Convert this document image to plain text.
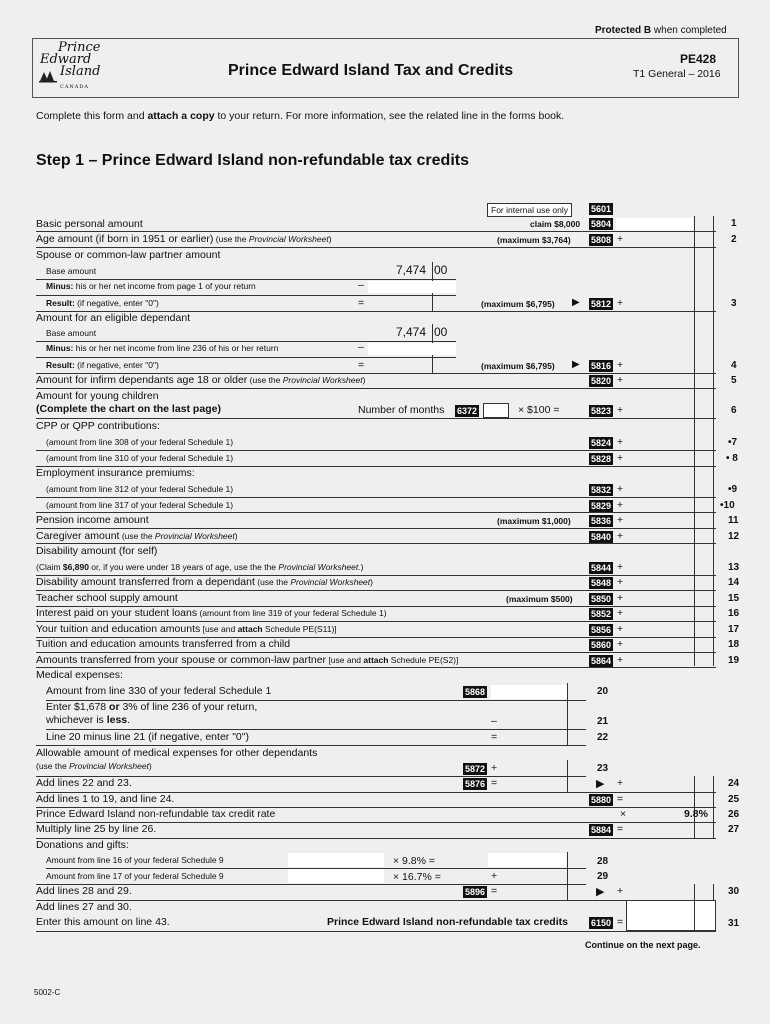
Protected B when completed
Prince
Edward
Island
CANADA
Prince Edward Island Tax and Credits
PE428
T1 General – 2016
Complete this form and attach a copy to your return. For more information, see the related line in the forms book.
Step 1 – Prince Edward Island non-refundable tax credits
For internal use only	5601
Basic personal amount	claim $8,000 5804	1
Age amount (if born in 1951 or earlier) (use the Provincial Worksheet)	(maximum $3,764) 5808 +	2
Spouse or common-law partner amount
Base amount	7,474 00
Minus: his or her net income from page 1 of your return	–
Result: (if negative, enter "0")	=	(maximum $6,795) ▶ 5812 +	3
Amount for an eligible dependant
Base amount	7,474 00
Minus: his or her net income from line 236 of his or her return	–
Result: (if negative, enter "0")	=	(maximum $6,795) ▶ 5816 +	4
Amount for infirm dependants age 18 or older (use the Provincial Worksheet)	5820 +	5
Amount for young children
(Complete the chart on the last page)	Number of months 6372	× $100 =	5823 +	6
CPP or QPP contributions:
(amount from line 308 of your federal Schedule 1)	5824 +	•7
(amount from line 310 of your federal Schedule 1)	5828 +	• 8
Employment insurance premiums:
(amount from line 312 of your federal Schedule 1)	5832 +	•9
(amount from line 317 of your federal Schedule 1)	5829 +	•10
Pension income amount	(maximum $1,000) 5836 +	11
Caregiver amount (use the Provincial Worksheet)	5840 +	12
Disability amount (for self)
(Claim $6,890 or, if you were under 18 years of age, use the the Provincial Worksheet.)	5844 +	13
Disability amount transferred from a dependant (use the Provincial Worksheet)	5848 +	14
Teacher school supply amount	(maximum $500) 5850 +	15
Interest paid on your student loans (amount from line 319 of your federal Schedule 1)	5852 +	16
Your tuition and education amounts [use and attach Schedule PE(S11)]	5856 +	17
Tuition and education amounts transferred from a child	5860 +	18
Amounts transferred from your spouse or common-law partner [use and attach Schedule PE(S2)]	5864 +	19
Medical expenses:
Amount from line 330 of your federal Schedule 1	5868	20
Enter $1,678 or 3% of line 236 of your return,
whichever is less.	–	21
Line 20 minus line 21 (if negative, enter "0")	=	22
Allowable amount of medical expenses for other dependants
(use the Provincial Worksheet)	5872 +	23
Add lines 22 and 23.	5876 =	▶ +	24
Add lines 1 to 19, and line 24.	5880 =	25
Prince Edward Island non-refundable tax credit rate	×	9.8% 26
Multiply line 25 by line 26.	5884 =	27
Donations and gifts:
Amount from line 16 of your federal Schedule 9	× 9.8% =	28
Amount from line 17 of your federal Schedule 9	× 16.7% =	+	29
Add lines 28 and 29.	5896 =	▶ +	30
Add lines 27 and 30.
Enter this amount on line 43.	Prince Edward Island non-refundable tax credits	6150 =	31
Continue on the next page.
5002-C
